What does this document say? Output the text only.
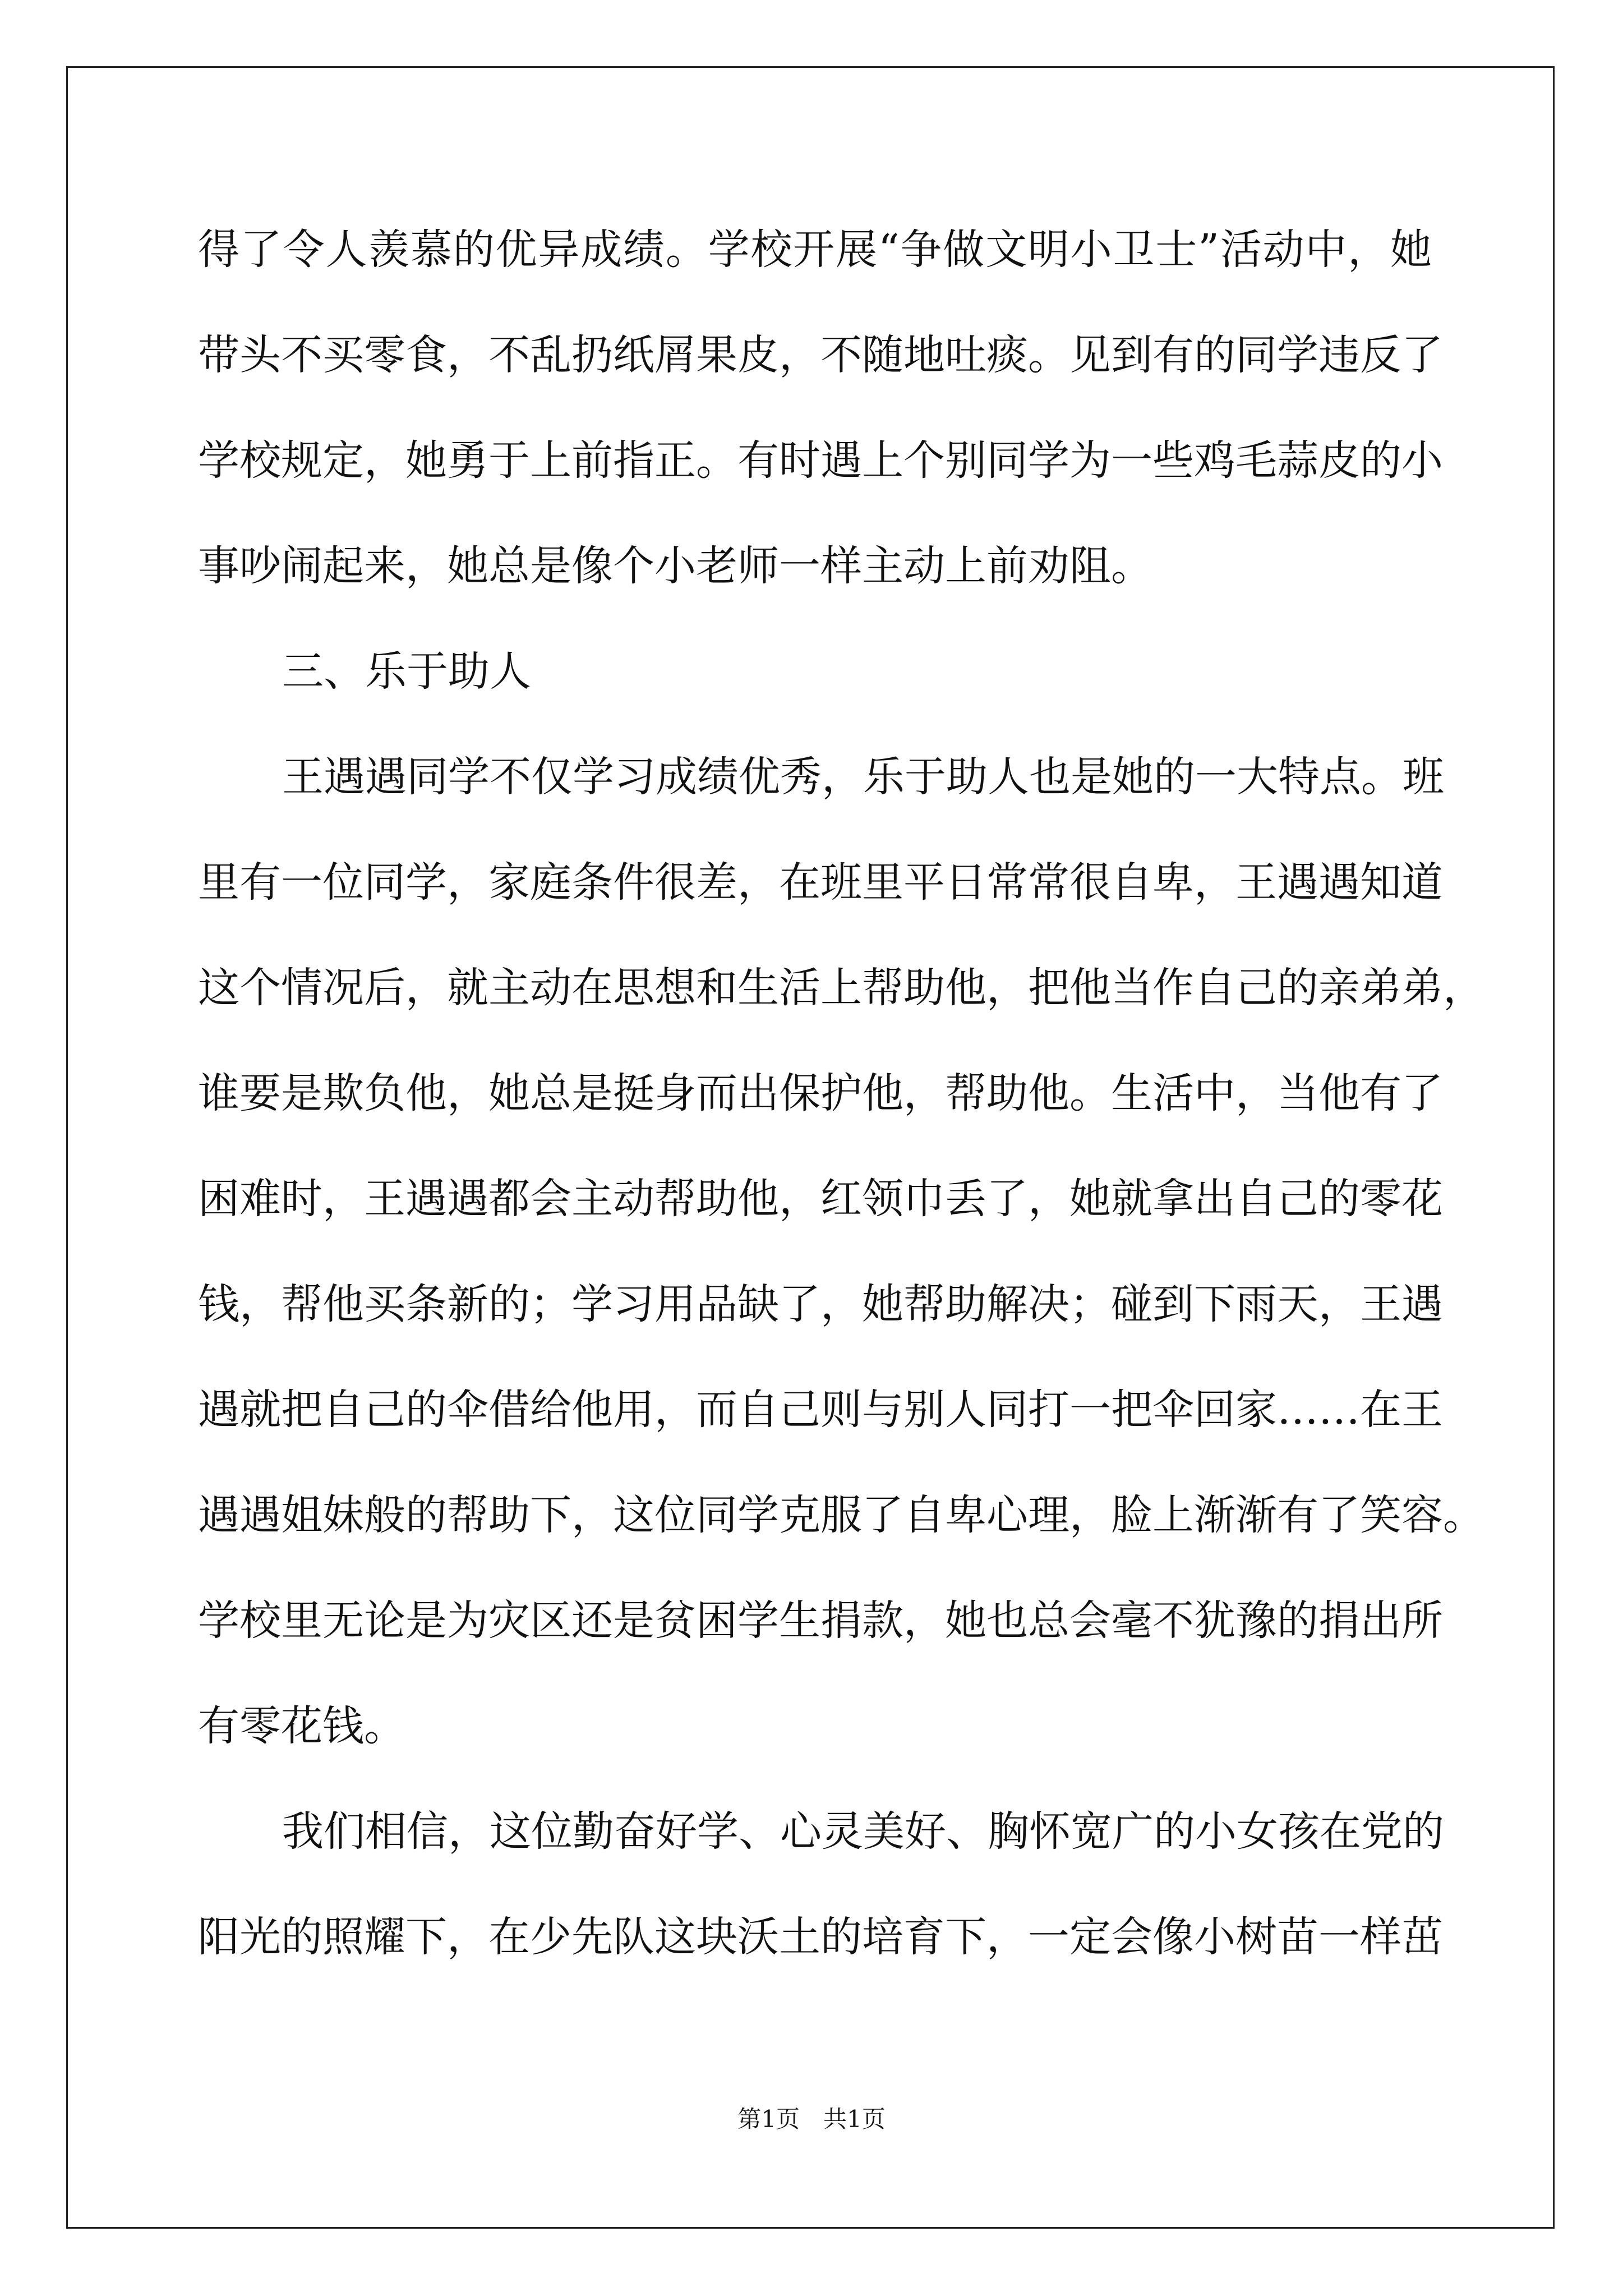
得了令人羡慕的优异成绩。学校开展“争做文明小卫士”活动中，她
带头不买零食，不乱扔纸屑果皮，不随地吐痰。见到有的同学违反了
学校规定，她勇于上前指正。有时遇上个别同学为一些鸡毛蒜皮的小
事吵闹起来，她总是像个小老师一样主动上前劝阻。
三、乐于助人
王遇遇同学不仅学习成绩优秀，乐于助人也是她的一大特点。班
里有一位同学，家庭条件很差，在班里平日常常很自卑，王遇遇知道
这个情况后，就主动在思想和生活上帮助他，把他当作自己的亲弟弟，
谁要是欺负他，她总是挺身而出保护他，帮助他。生活中，当他有了
困难时，王遇遇都会主动帮助他，红领巾丢了，她就拿出自己的零花
钱，帮他买条新的；学习用品缺了，她帮助解决；碰到下雨天，王遇
遇就把自己的伞借给他用，而自己则与别人同打一把伞回家……在王
遇遇姐妹般的帮助下，这位同学克服了自卑心理，脸上渐渐有了笑容。
学校里无论是为灾区还是贫困学生捐款，她也总会毫不犹豫的捐出所
有零花钱。
我们相信，这位勤奋好学、心灵美好、胸怀宽广的小女孩在党的
阳光的照耀下，在少先队这块沃土的培育下，一定会像小树苗一样茁
第1页　共1页
